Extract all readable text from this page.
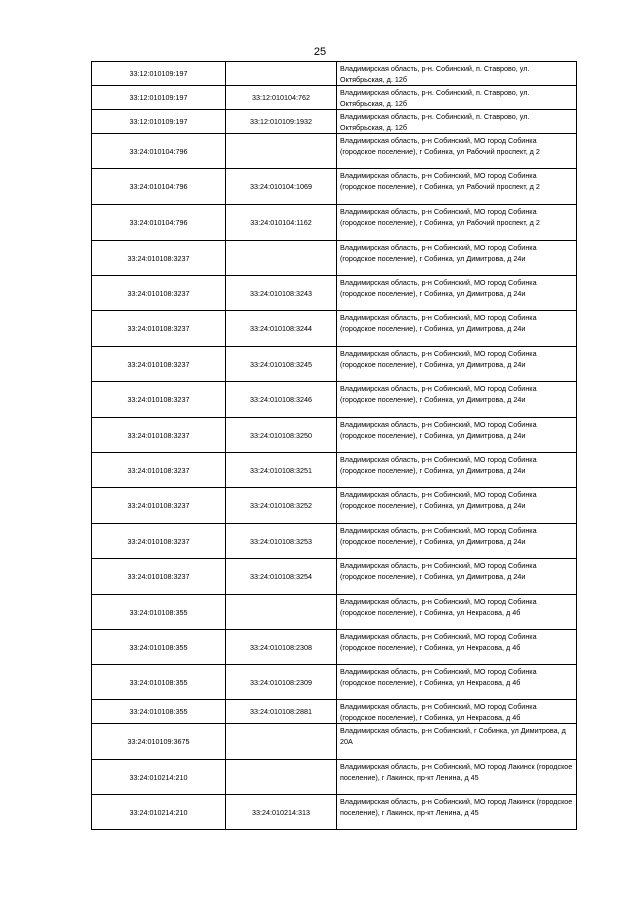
25
33:12:010109:197		Владимирская область, р-н. Собинский, п. Ставрово, ул. Октябрьская, д. 12б
33:12:010109:197	33:12:010104:762	Владимирская область, р-н. Собинский, п. Ставрово, ул. Октябрьская, д. 12б
33:12:010109:197	33:12:010109:1932	Владимирская область, р-н. Собинский, п. Ставрово, ул. Октябрьская, д. 12б
33:24:010104:796		Владимирская область, р-н Собинский, МО город Собинка (городское поселение), г Собинка, ул Рабочий проспект, д 2
33:24:010104:796	33:24:010104:1069	Владимирская область, р-н Собинский, МО город Собинка (городское поселение), г Собинка, ул Рабочий проспект, д 2
33:24:010104:796	33:24:010104:1162	Владимирская область, р-н Собинский, МО город Собинка (городское поселение), г Собинка, ул Рабочий проспект, д 2
33:24:010108:3237		Владимирская область, р-н Собинский, МО город Собинка (городское поселение), г Собинка, ул Димитрова, д 24и
33:24:010108:3237	33:24:010108:3243	Владимирская область, р-н Собинский, МО город Собинка (городское поселение), г Собинка, ул Димитрова, д 24и
33:24:010108:3237	33:24:010108:3244	Владимирская область, р-н Собинский, МО город Собинка (городское поселение), г Собинка, ул Димитрова, д 24и
33:24:010108:3237	33:24:010108:3245	Владимирская область, р-н Собинский, МО город Собинка (городское поселение), г Собинка, ул Димитрова, д 24и
33:24:010108:3237	33:24:010108:3246	Владимирская область, р-н Собинский, МО город Собинка (городское поселение), г Собинка, ул Димитрова, д 24и
33:24:010108:3237	33:24:010108:3250	Владимирская область, р-н Собинский, МО город Собинка (городское поселение), г Собинка, ул Димитрова, д 24и
33:24:010108:3237	33:24:010108:3251	Владимирская область, р-н Собинский, МО город Собинка (городское поселение), г Собинка, ул Димитрова, д 24и
33:24:010108:3237	33:24:010108:3252	Владимирская область, р-н Собинский, МО город Собинка (городское поселение), г Собинка, ул Димитрова, д 24и
33:24:010108:3237	33:24:010108:3253	Владимирская область, р-н Собинский, МО город Собинка (городское поселение), г Собинка, ул Димитрова, д 24и
33:24:010108:3237	33:24:010108:3254	Владимирская область, р-н Собинский, МО город Собинка (городское поселение), г Собинка, ул Димитрова, д 24и
33:24:010108:355		Владимирская область, р-н Собинский, МО город Собинка (городское поселение), г Собинка, ул Некрасова, д 4б
33:24:010108:355	33:24:010108:2308	Владимирская область, р-н Собинский, МО город Собинка (городское поселение), г Собинка, ул Некрасова, д 4б
33:24:010108:355	33:24:010108:2309	Владимирская область, р-н Собинский, МО город Собинка (городское поселение), г Собинка, ул Некрасова, д 4б
33:24:010108:355	33:24:010108:2881	Владимирская область, р-н Собинский, МО город Собинка (городское поселение), г Собинка, ул Некрасова, д 4б
33:24:010109:3675		Владимирская область, р-н Собинский, г Собинка, ул Димитрова, д 20А
33:24:010214:210		Владимирская область, р-н Собинский, МО город Лакинск (городское поселение), г Лакинск, пр-кт Ленина, д 45
33:24:010214:210	33:24:010214:313	Владимирская область, р-н Собинский, МО город Лакинск (городское поселение), г Лакинск, пр-кт Ленина, д 45
